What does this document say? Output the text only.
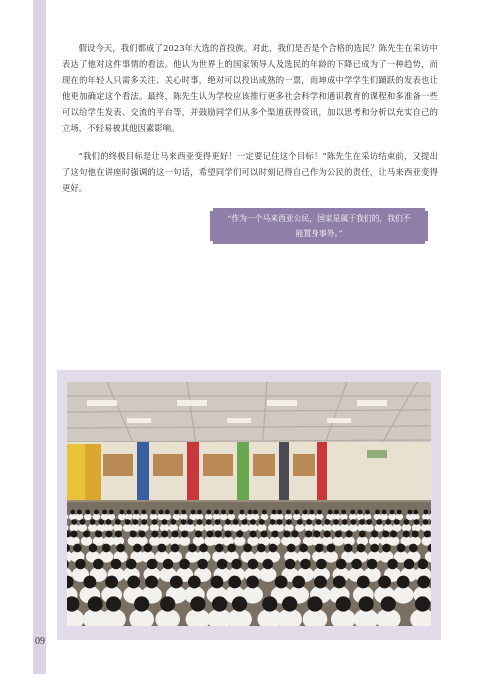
假设今天，我们都成了2023年大选的首投族。对此，我们是否是个合格的选民？陈先生在采访中表达了他对这件事情的看法。他认为世界上的国家领导人及选民的年龄的下降已成为了一种趋势，而现在的年轻人只需多关注、关心时事，绝对可以投出成熟的一票，而坤成中学学生们踊跃的发表也让他更加确定这个看法。最终，陈先生认为学校应该推行更多社会科学和通识教育的课程和多准备一些可以给学生发表、交流的平台等，并鼓励同学们从多个渠道获得资讯，加以思考和分析以充实自己的立场，不轻易被其他因素影响。

“我们的终极目标是让马来西亚变得更好！一定要记住这个目标！”陈先生在采访结束前，又提出了这句他在讲座时强调的这一句话，希望同学们可以时刻记得自己作为公民的责任，让马来西亚变得更好。

“作为一个马来西亚公民，国家是属于我们的，我们不能置身事外。”

09
